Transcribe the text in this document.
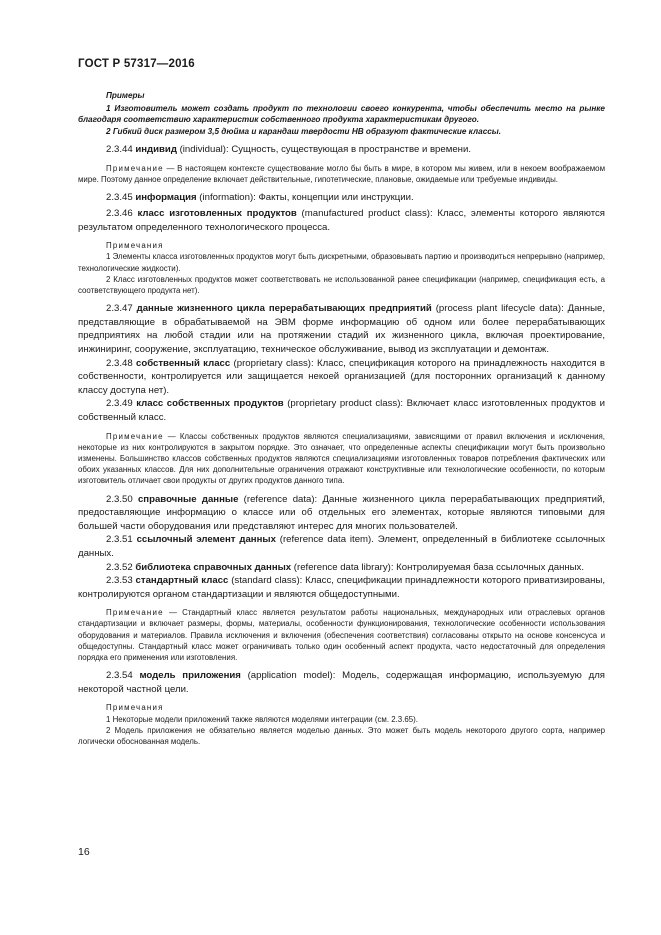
ГОСТ Р 57317—2016

Примеры

1 Изготовитель может создать продукт по технологии своего конкурента, чтобы обеспечить место на рынке благодаря соответствию характеристик собственного продукта характеристикам другого.

2 Гибкий диск размером 3,5 дюйма и карандаш твердости HB образуют фактические классы.

2.3.44 индивид (individual): Сущность, существующая в пространстве и времени.

Примечание — В настоящем контексте существование могло бы быть в мире, в котором мы живем, или в некоем воображаемом мире. Поэтому данное определение включает действительные, гипотетические, плановые, ожидаемые или требуемые индивиды.

2.3.45 информация (information): Факты, концепции или инструкции.

2.3.46 класс изготовленных продуктов (manufactured product class): Класс, элементы которого являются результатом определенного технологического процесса.

Примечания

1 Элементы класса изготовленных продуктов могут быть дискретными, образовывать партию и производиться непрерывно (например, технологические жидкости).

2 Класс изготовленных продуктов может соответствовать не использованной ранее спецификации (например, спецификация есть, а соответствующего продукта нет).

2.3.47 данные жизненного цикла перерабатывающих предприятий (process plant lifecycle data): Данные, представляющие в обрабатываемой на ЭВМ форме информацию об одном или более перерабатывающих предприятиях на любой стадии или на протяжении стадий их жизненного цикла, включая проектирование, инжиниринг, сооружение, эксплуатацию, техническое обслуживание, вывод из эксплуатации и демонтаж.

2.3.48 собственный класс (proprietary class): Класс, спецификация которого на принадлежность находится в собственности, контролируется или защищается некоей организацией (для посторонних организаций к данному классу доступа нет).

2.3.49 класс собственных продуктов (proprietary product class): Включает класс изготовленных продуктов и собственный класс.

Примечание — Классы собственных продуктов являются специализациями, зависящими от правил включения и исключения, некоторые из них контролируются в закрытом порядке. Это означает, что определенные аспекты спецификации могут быть произвольно изменены. Большинство классов собственных продуктов являются специализациями изготовленных товаров потребления фактических или обоих указанных классов. Для них дополнительные ограничения отражают конструктивные или технологические особенности, по которым изготовитель отличает свои продукты от других продуктов данного типа.

2.3.50 справочные данные (reference data): Данные жизненного цикла перерабатывающих предприятий, предоставляющие информацию о классе или об отдельных его элементах, которые являются типовыми для большей части оборудования или представляют интерес для многих пользователей.

2.3.51 ссылочный элемент данных (reference data item). Элемент, определенный в библиотеке ссылочных данных.

2.3.52 библиотека справочных данных (reference data library): Контролируемая база ссылочных данных.

2.3.53 стандартный класс (standard class): Класс, спецификации принадлежности которого приватизированы, контролируются органом стандартизации и являются общедоступными.

Примечание — Стандартный класс является результатом работы национальных, международных или отраслевых органов стандартизации и включает размеры, формы, материалы, особенности функционирования, технологические особенности использования оборудования и материалов. Правила исключения и включения (обеспечения соответствия) согласованы открыто на основе консенсуса и общедоступны. Стандартный класс может ограничивать только один особенный аспект продукта, часто недостаточный для определения порядка его применения или изготовления.

2.3.54 модель приложения (application model): Модель, содержащая информацию, используемую для некоторой частной цели.

Примечания

1 Некоторые модели приложений также являются моделями интеграции (см. 2.3.65).

2 Модель приложения не обязательно является моделью данных. Это может быть модель некоторого другого сорта, например логически обоснованная модель.

16
